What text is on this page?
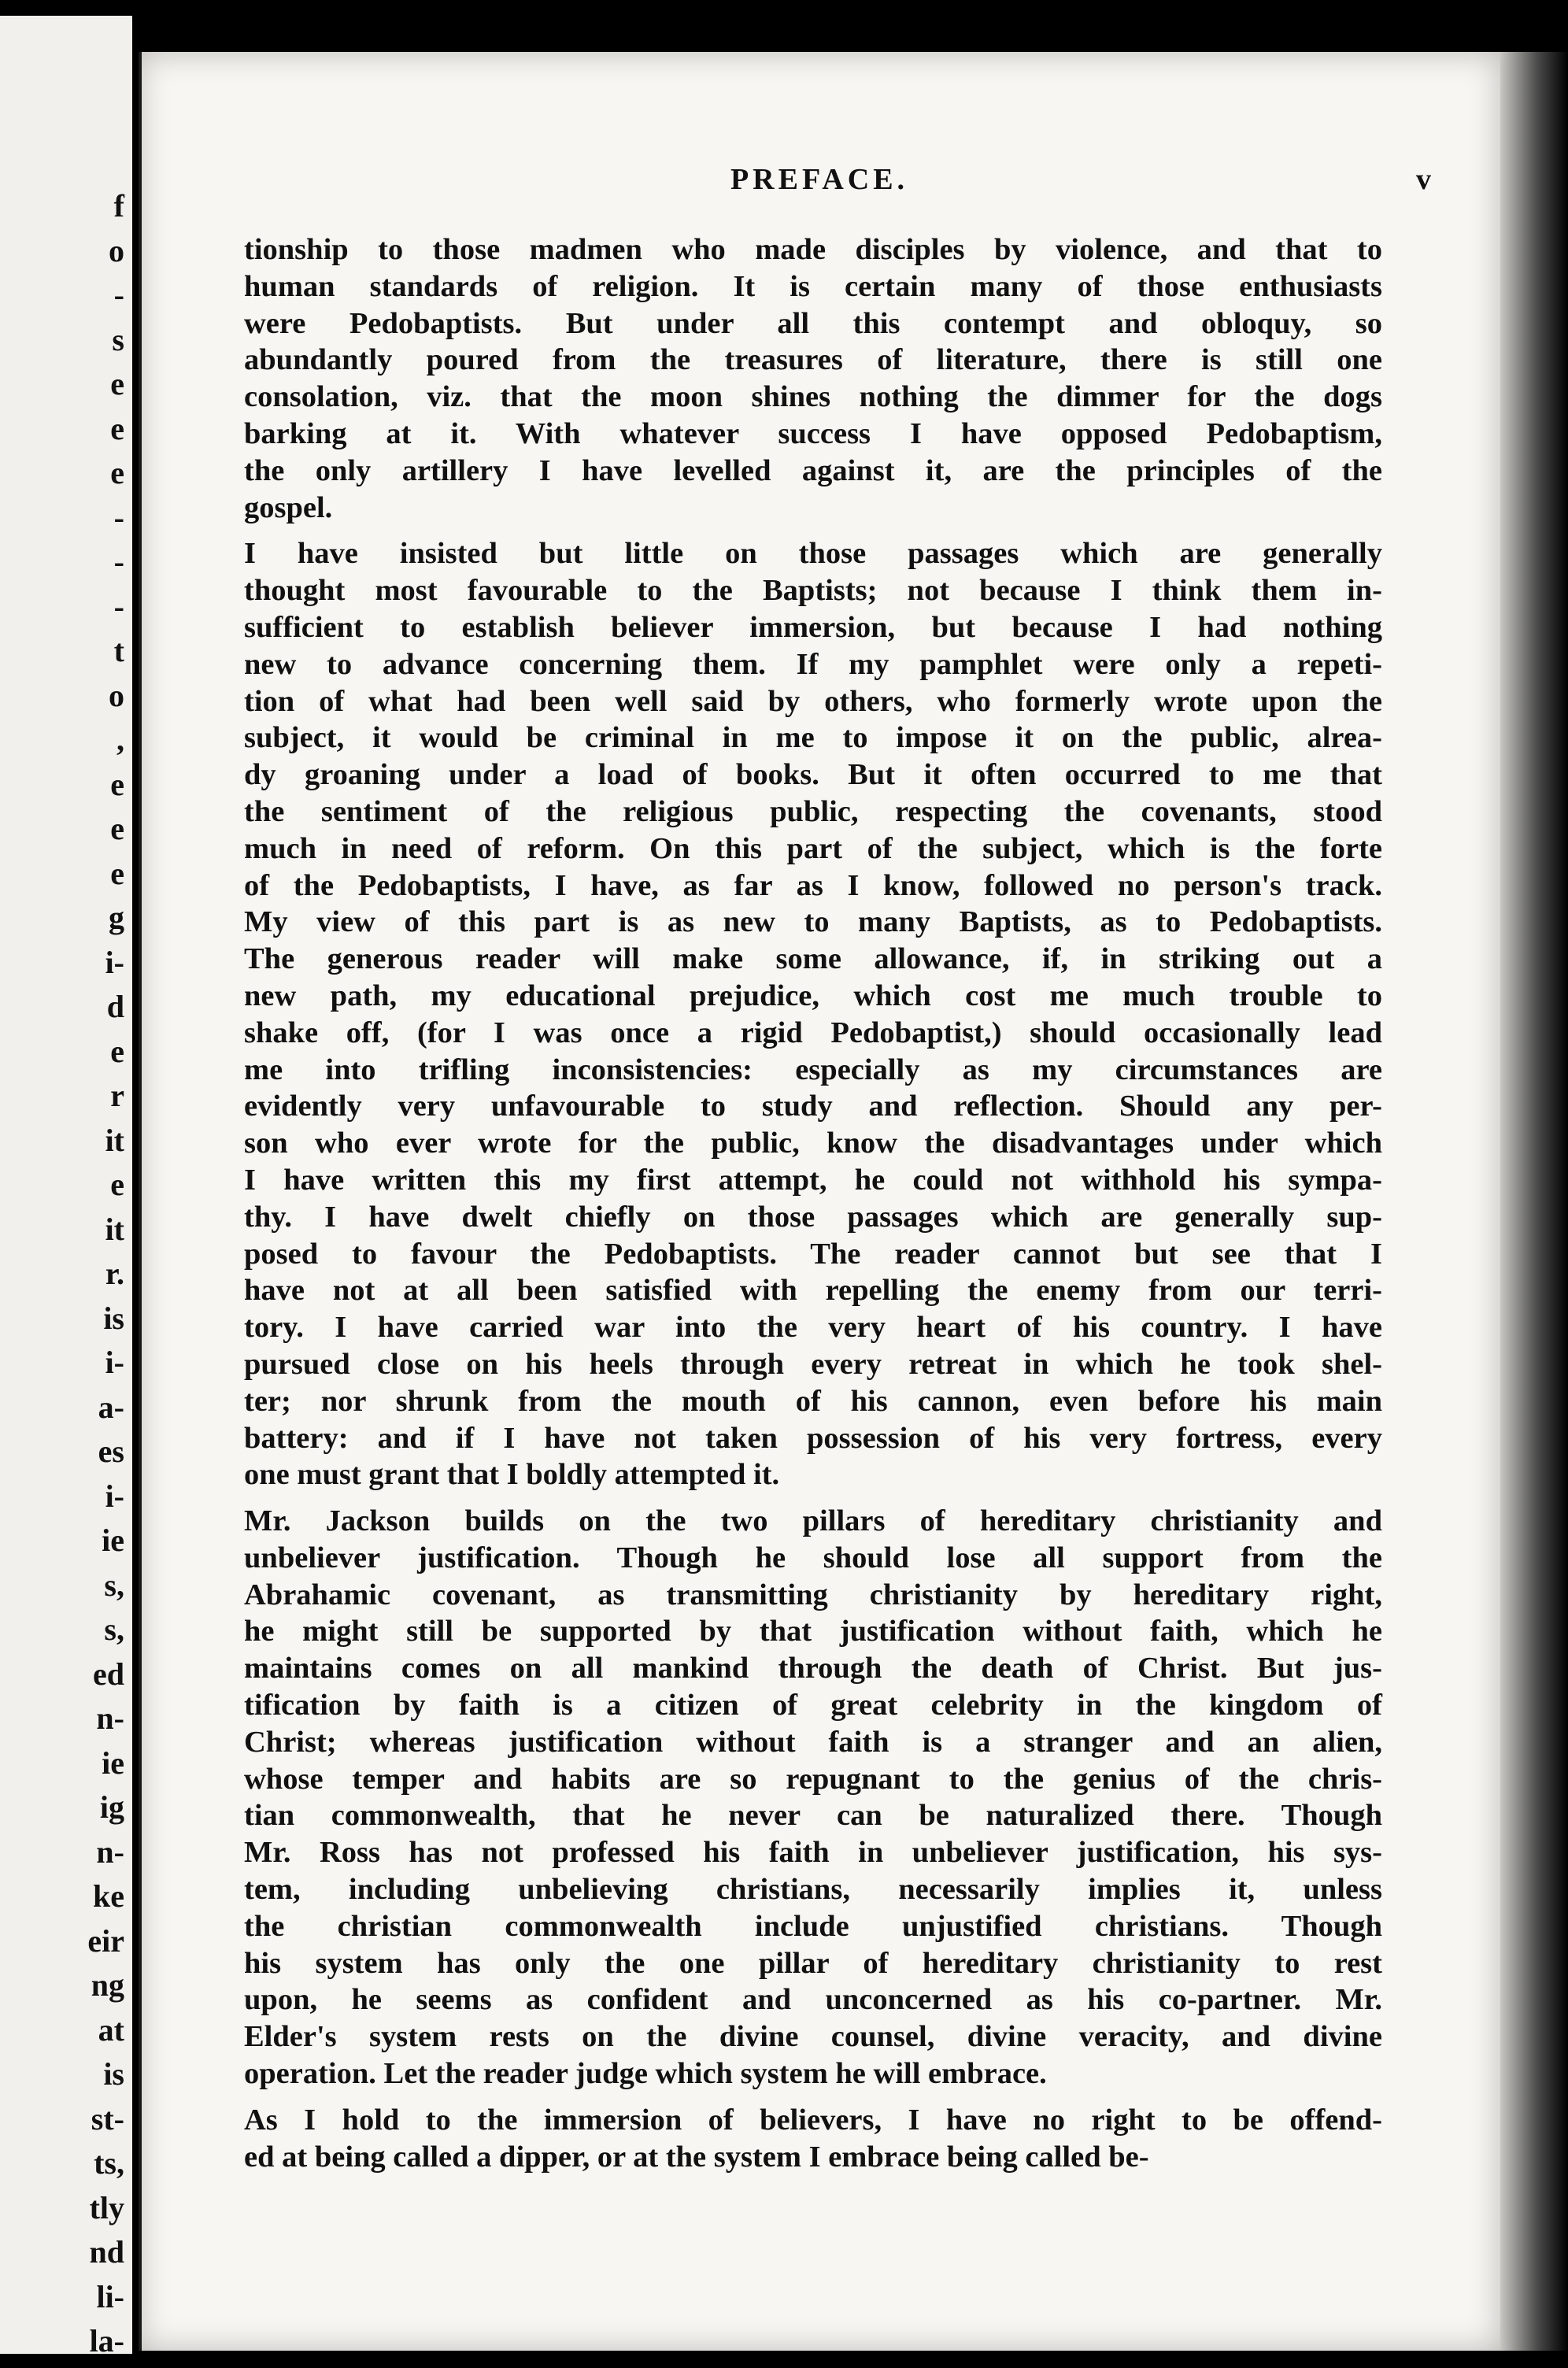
f
o
-
s
e
e
e
-
-
-
t
o
,
e
e
e
g
i-
d
e
r
it
e
it
r.
is
i-
a-
es
i-
ie
s,
s,
ed
n-
ie
ig
n-
ke
eir
ng
at
is
st-
ts,
tly
nd
li-
la-
PREFACE.	v

tionship to those madmen who made disciples by violence, and that to
human standards of religion. It is certain many of those enthusiasts
were Pedobaptists. But under all this contempt and obloquy, so
abundantly poured from the treasures of literature, there is still one
consolation, viz. that the moon shines nothing the dimmer for the dogs
barking at it. With whatever success I have opposed Pedobaptism,
the only artillery I have levelled against it, are the principles of the
gospel.

I have insisted but little on those passages which are generally
thought most favourable to the Baptists; not because I think them in-
sufficient to establish believer immersion, but because I had nothing
new to advance concerning them. If my pamphlet were only a repeti-
tion of what had been well said by others, who formerly wrote upon the
subject, it would be criminal in me to impose it on the public, alrea-
dy groaning under a load of books. But it often occurred to me that
the sentiment of the religious public, respecting the covenants, stood
much in need of reform. On this part of the subject, which is the forte
of the Pedobaptists, I have, as far as I know, followed no person's track.
My view of this part is as new to many Baptists, as to Pedobaptists.
The generous reader will make some allowance, if, in striking out a
new path, my educational prejudice, which cost me much trouble to
shake off, (for I was once a rigid Pedobaptist,) should occasionally lead
me into trifling inconsistencies: especially as my circumstances are
evidently very unfavourable to study and reflection. Should any per-
son who ever wrote for the public, know the disadvantages under which
I have written this my first attempt, he could not withhold his sympa-
thy. I have dwelt chiefly on those passages which are generally sup-
posed to favour the Pedobaptists. The reader cannot but see that I
have not at all been satisfied with repelling the enemy from our terri-
tory. I have carried war into the very heart of his country. I have
pursued close on his heels through every retreat in which he took shel-
ter; nor shrunk from the mouth of his cannon, even before his main
battery: and if I have not taken possession of his very fortress, every
one must grant that I boldly attempted it.

Mr. Jackson builds on the two pillars of hereditary christianity and
unbeliever justification. Though he should lose all support from the
Abrahamic covenant, as transmitting christianity by hereditary right,
he might still be supported by that justification without faith, which he
maintains comes on all mankind through the death of Christ. But jus-
tification by faith is a citizen of great celebrity in the kingdom of
Christ; whereas justification without faith is a stranger and an alien,
whose temper and habits are so repugnant to the genius of the chris-
tian commonwealth, that he never can be naturalized there. Though
Mr. Ross has not professed his faith in unbeliever justification, his sys-
tem, including unbelieving christians, necessarily implies it, unless
the christian commonwealth include unjustified christians. Though
his system has only the one pillar of hereditary christianity to rest
upon, he seems as confident and unconcerned as his co-partner. Mr.
Elder's system rests on the divine counsel, divine veracity, and divine
operation. Let the reader judge which system he will embrace.

As I hold to the immersion of believers, I have no right to be offend-
ed at being called a dipper, or at the system I embrace being called be-
